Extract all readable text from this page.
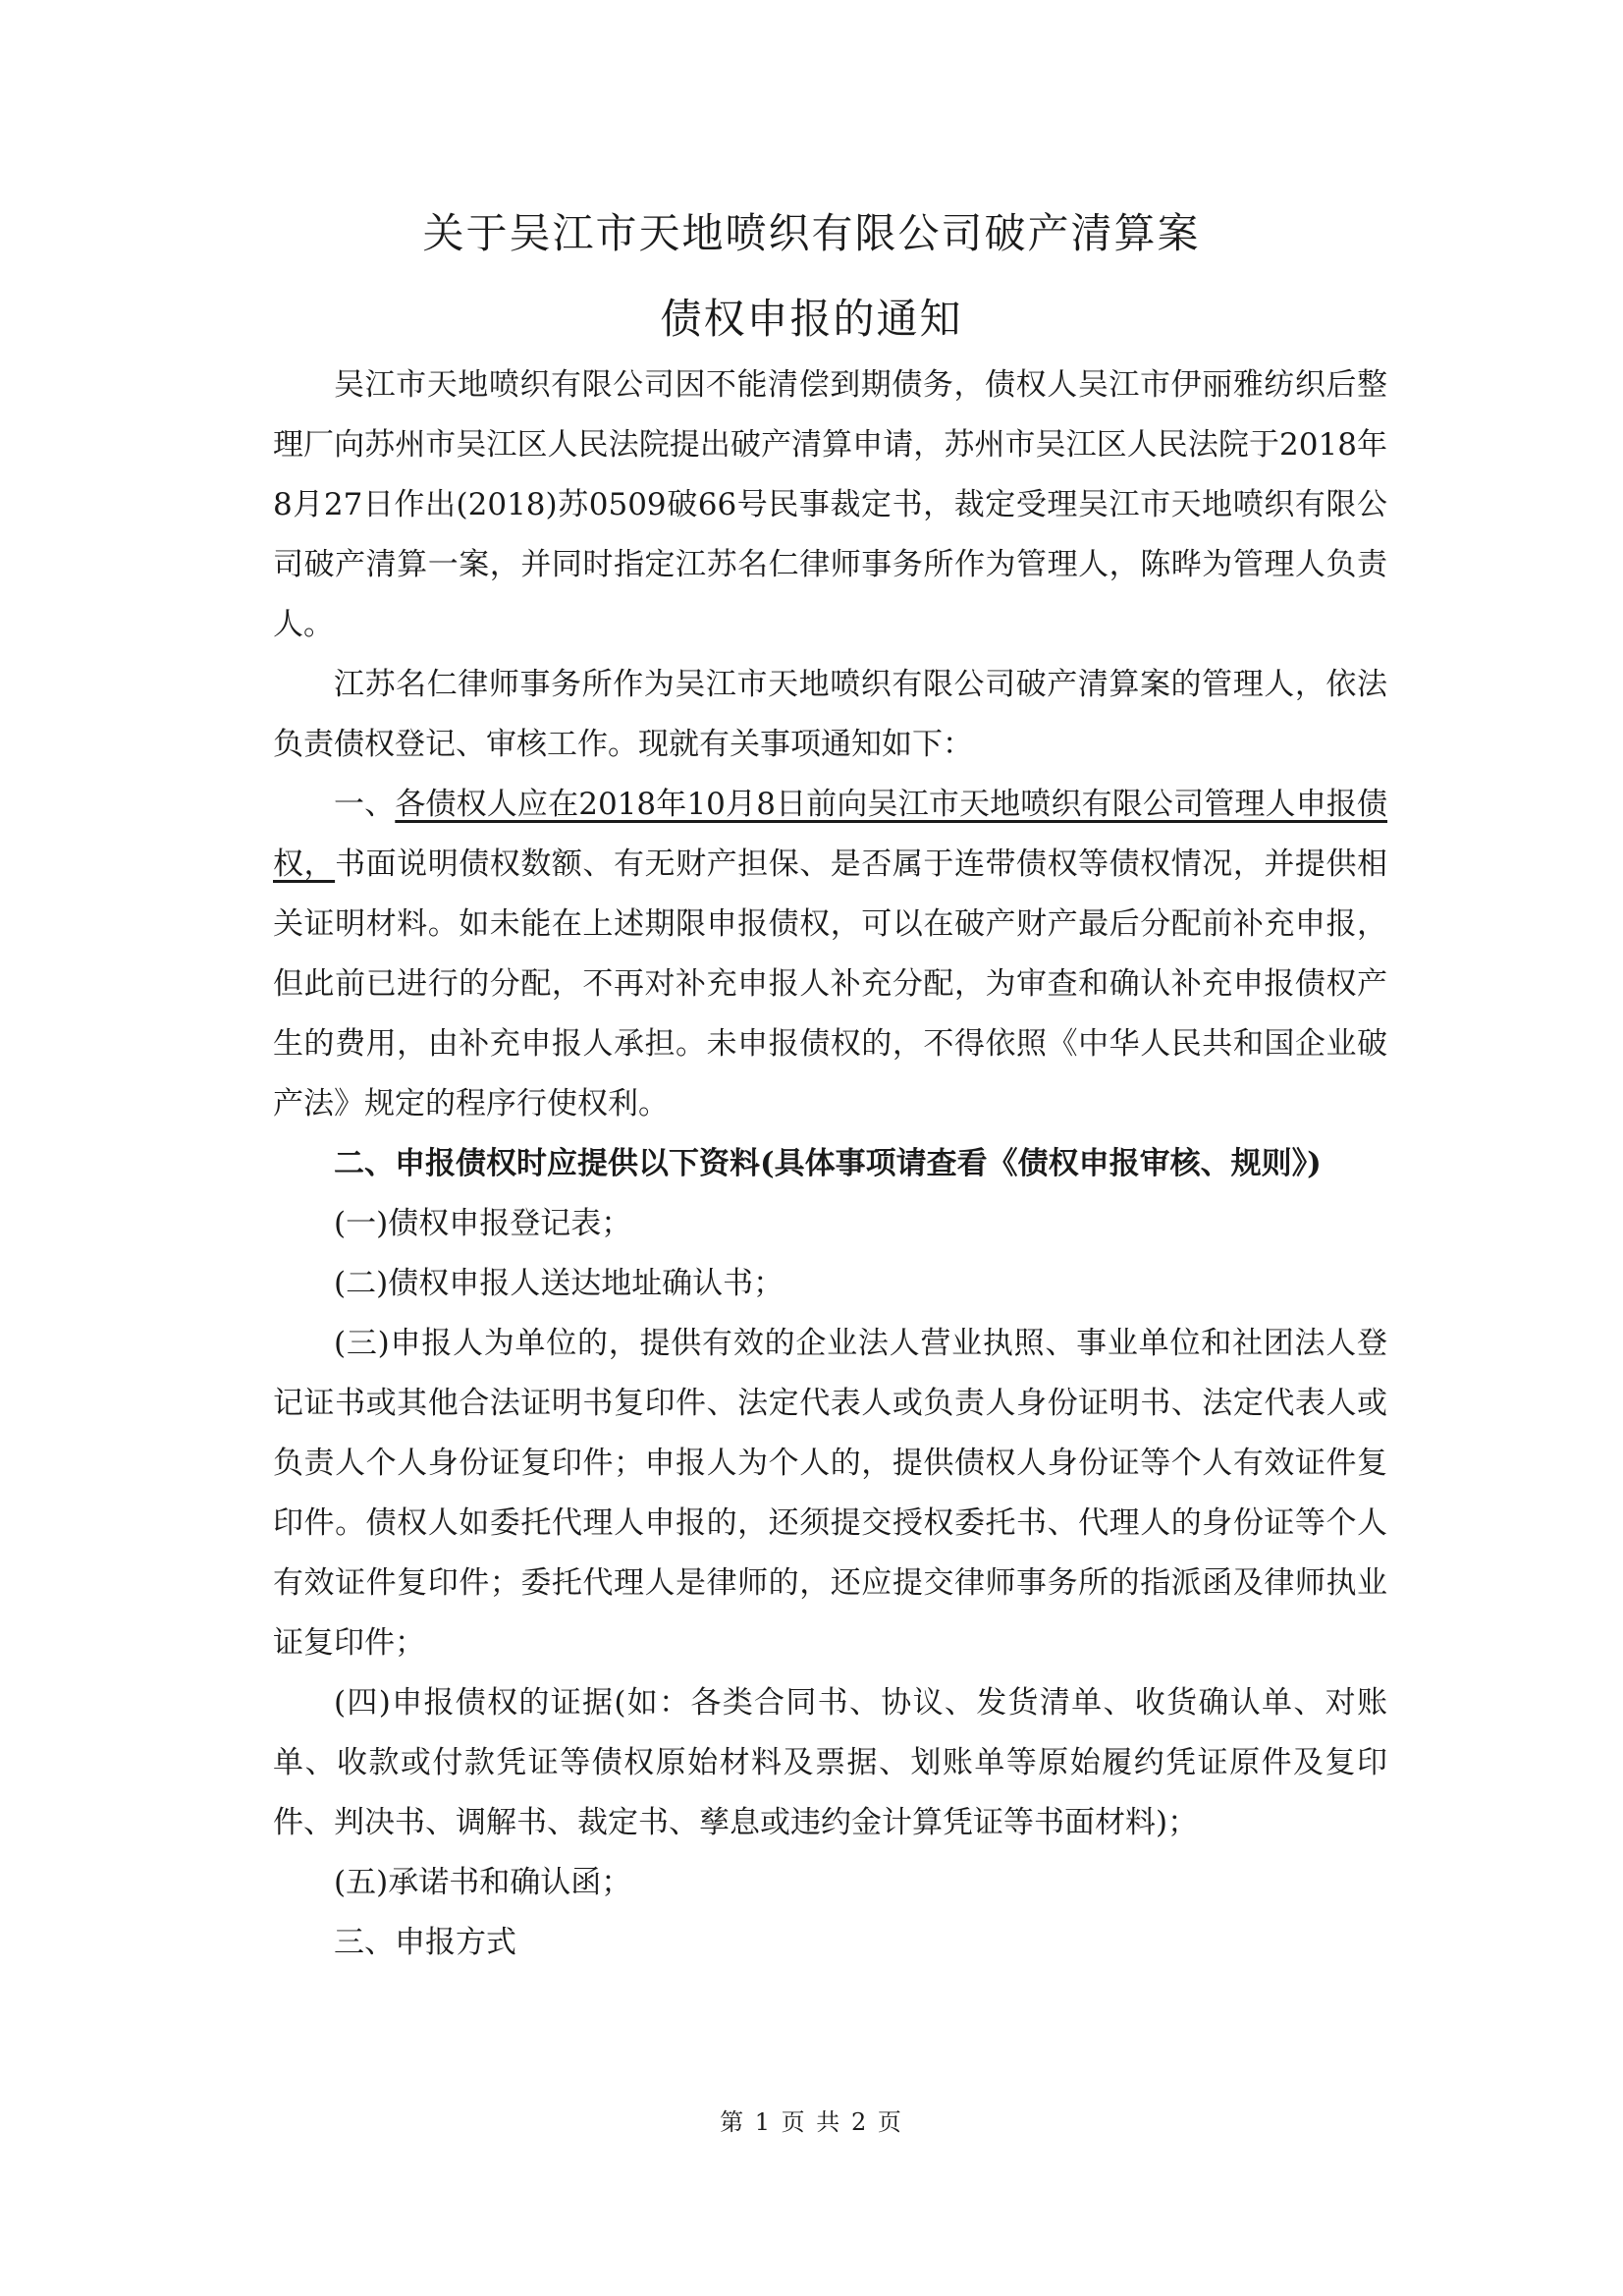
关于吴江市天地喷织有限公司破产清算案
债权申报的通知

吴江市天地喷织有限公司因不能清偿到期债务，债权人吴江市伊丽雅纺织后整理厂向苏州市吴江区人民法院提出破产清算申请，苏州市吴江区人民法院于2018年8月27日作出(2018)苏0509破66号民事裁定书，裁定受理吴江市天地喷织有限公司破产清算一案，并同时指定江苏名仁律师事务所作为管理人，陈晔为管理人负责人。

江苏名仁律师事务所作为吴江市天地喷织有限公司破产清算案的管理人，依法负责债权登记、审核工作。现就有关事项通知如下：

一、各债权人应在2018年10月8日前向吴江市天地喷织有限公司管理人申报债权，书面说明债权数额、有无财产担保、是否属于连带债权等债权情况，并提供相关证明材料。如未能在上述期限申报债权，可以在破产财产最后分配前补充申报，但此前已进行的分配，不再对补充申报人补充分配，为审查和确认补充申报债权产生的费用，由补充申报人承担。未申报债权的，不得依照《中华人民共和国企业破产法》规定的程序行使权利。

二、申报债权时应提供以下资料(具体事项请查看《债权申报审核、规则》)

(一)债权申报登记表；

(二)债权申报人送达地址确认书；

(三)申报人为单位的，提供有效的企业法人营业执照、事业单位和社团法人登记证书或其他合法证明书复印件、法定代表人或负责人身份证明书、法定代表人或负责人个人身份证复印件；申报人为个人的，提供债权人身份证等个人有效证件复印件。债权人如委托代理人申报的，还须提交授权委托书、代理人的身份证等个人有效证件复印件；委托代理人是律师的，还应提交律师事务所的指派函及律师执业证复印件；

(四)申报债权的证据(如：各类合同书、协议、发货清单、收货确认单、对账单、收款或付款凭证等债权原始材料及票据、划账单等原始履约凭证原件及复印件、判决书、调解书、裁定书、孳息或违约金计算凭证等书面材料)；

(五)承诺书和确认函；

三、申报方式

第 1 页 共 2 页
